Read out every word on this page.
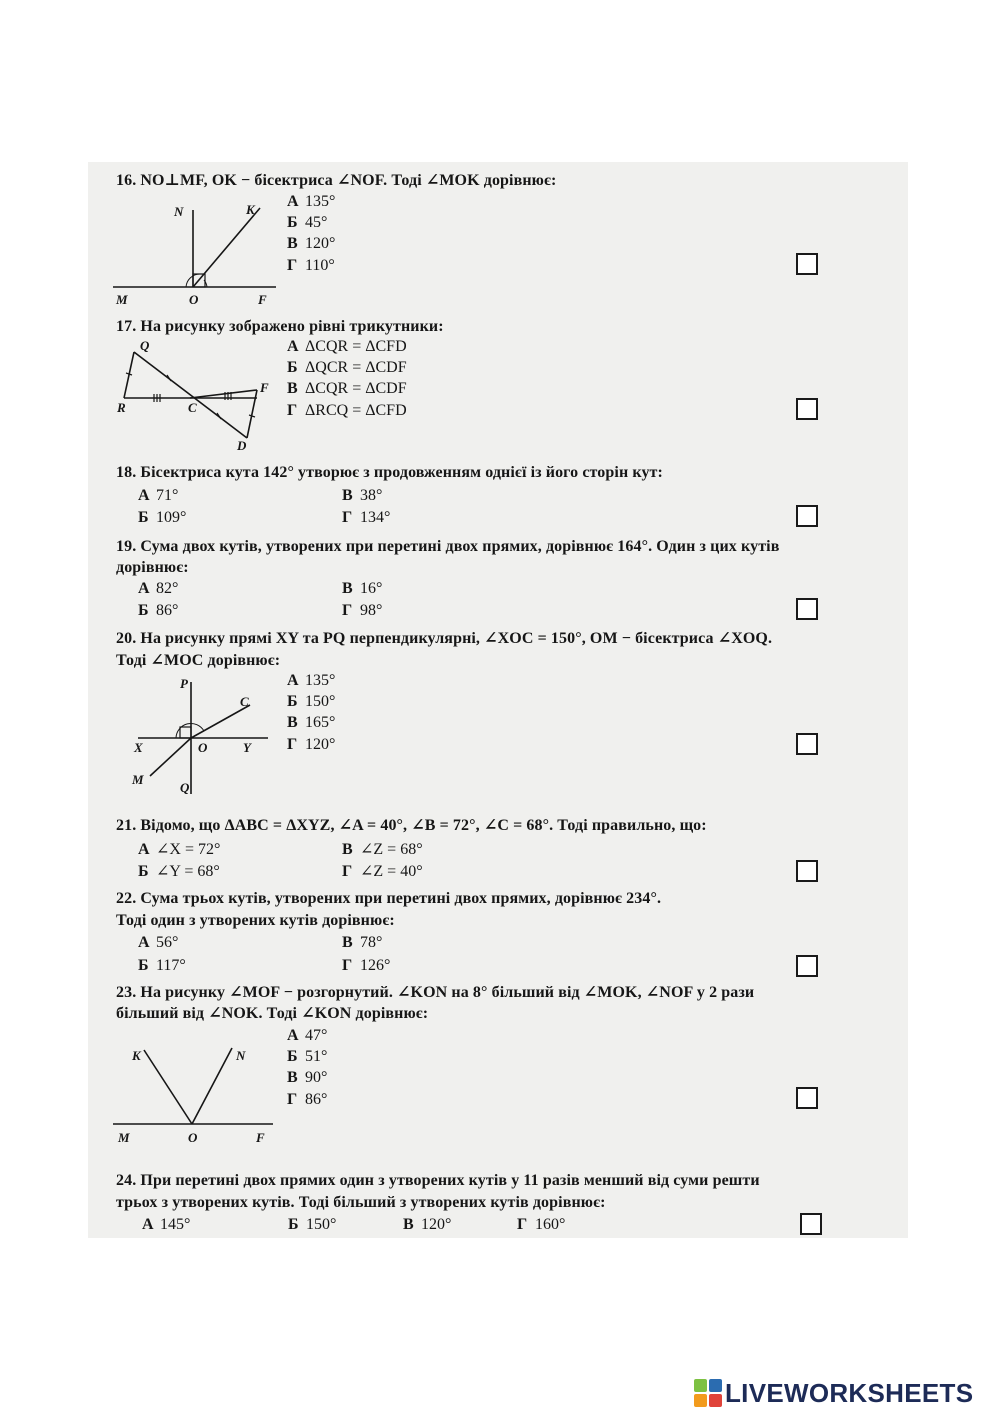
16. NO⊥MF, OK − бісектриса ∠NOF. Тоді ∠MOK дорівнює:
А 135°
Б 45°
В 120°
Г 110°
N	K
M	O	F
17. На рисунку зображено рівні трикутники:
А ΔCQR = ΔCFD
Б ΔQCR = ΔCDF
В ΔCQR = ΔCDF
Г ΔRCQ = ΔCFD
Q
F
R	C
D
18. Бісектриса кута 142° утворює з продовженням однієї із його сторін кут:
А 71°	В 38°
Б 109°	Г 134°
19. Сума двох кутів, утворених при перетині двох прямих, дорівнює 164°. Один з цих кутів
дорівнює:
А 82°	В 16°
Б 86°	Г 98°
20. На рисунку прямі XY та PQ перпендикулярні, ∠XOC = 150°, OM − бісектриса ∠XOQ.
Тоді ∠MOC дорівнює:
А 135°
Б 150°
В 165°
Г 120°
P
C
X	O	Y
M
Q
21. Відомо, що ΔABC = ΔXYZ, ∠A = 40°, ∠B = 72°, ∠C = 68°. Тоді правильно, що:
А ∠X = 72°	В ∠Z = 68°
Б ∠Y = 68°	Г ∠Z = 40°
22. Сума трьох кутів, утворених при перетині двох прямих, дорівнює 234°.
Тоді один з утворених кутів дорівнює:
А 56°	В 78°
Б 117°	Г 126°
23. На рисунку ∠MOF − розгорнутий. ∠KON на 8° більший від ∠MOK, ∠NOF у 2 рази
більший від ∠NOK. Тоді ∠KON дорівнює:
А 47°
Б 51°
В 90°
Г 86°
K	N
M	O	F
24. При перетині двох прямих один з утворених кутів у 11 разів менший від суми решти
трьох з утворених кутів. Тоді більший з утворених кутів дорівнює:
А 145°	Б 150°	В 120°	Г 160°
LIVEWORKSHEETS
